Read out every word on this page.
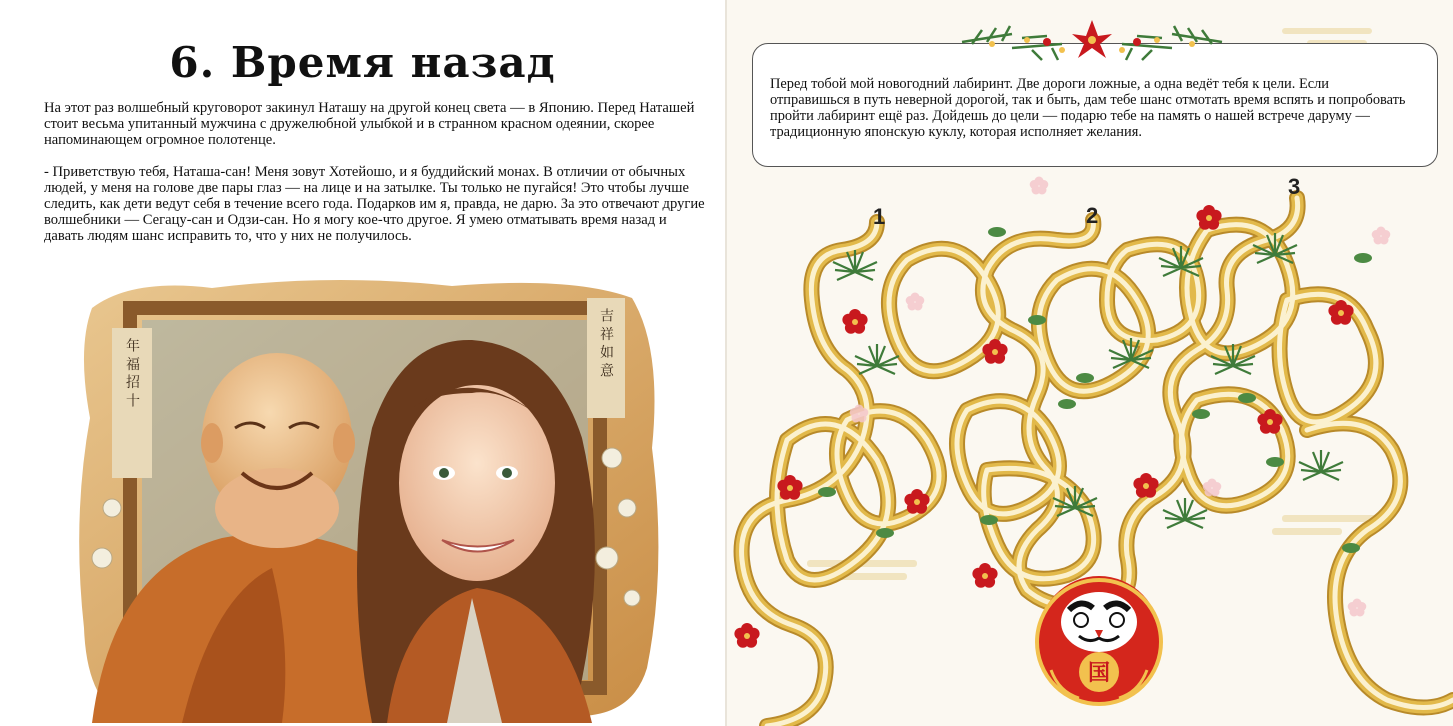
6. Время назад

На этот раз волшебный круговорот закинул Наташу на другой конец света — в Японию. Перед Наташей стоит весьма упитанный мужчина с дружелюбной улыбкой и в странном красном одеянии, скорее напоминающем огромное полотенце.

- Приветствую тебя, Наташа-сан! Меня зовут Хотейошо, и я буддийский монах. В отличии от обычных людей, у меня на голове две пары глаз — на лице и на затылке. Ты только не пугайся! Это чтобы лучше следить, как дети ведут себя в течение всего года. Подарков им я, правда, не дарю. За это отвечают другие волшебники — Сегацу-сан и Одзи-сан. Но я могу кое-что другое. Я умею отматывать время назад и давать людям шанс исправить то, что у них не получилось.

年 福 招 十	吉 祥 如 意
国
1	2
3
Перед тобой мой новогодний лабиринт. Две дороги ложные, а одна ведёт тебя к цели. Если отправишься в путь неверной дорогой, так и быть, дам тебе шанс отмотать время вспять и попробовать пройти лабиринт ещё раз. Дойдешь до цели — подарю тебе на память о нашей встрече даруму — традиционную японскую куклу, которая исполняет желания.
